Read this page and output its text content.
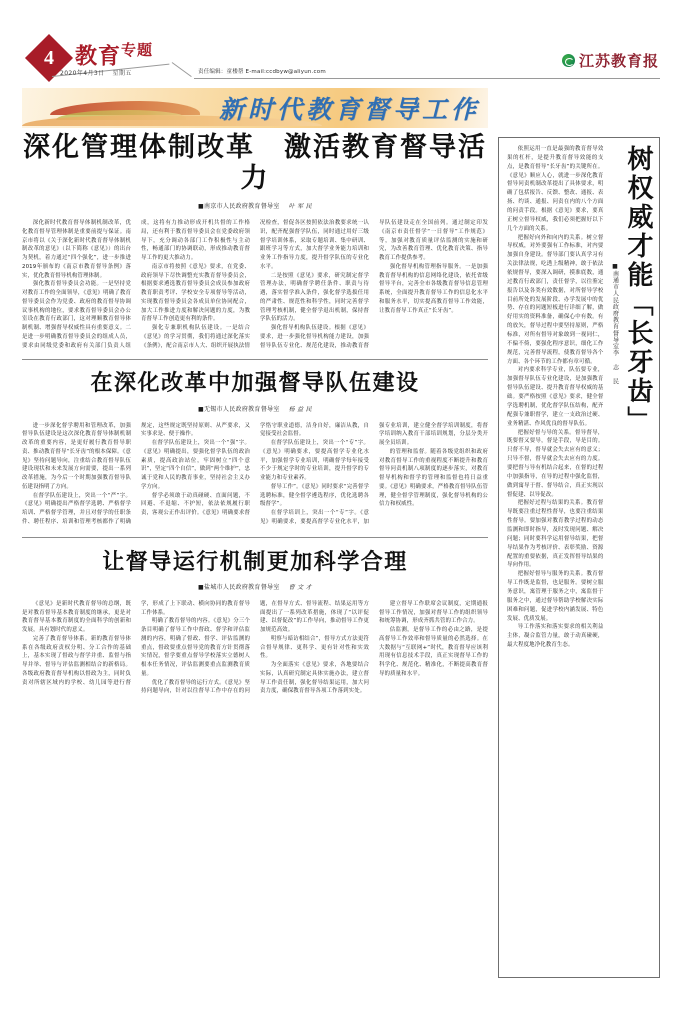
4 教育$^{专题}$
2020年4月3日 星期五	责任编辑：童楼帮 E-mail:ccdbyw@aliyun.com
江苏教育报
新时代教育督导工作
深化管理体制改革　激活教育督导活力
■南京市人民政府教育督导室 叶 军 民

深化新时代教育督导体制机制改革，优化教育督导管理体制是重要前提与保证。南京市将以《关于深化新时代教育督导体制机制改革的意见》（以下简称《意见》）的出台为契机，着力通过“四个强化”，进一步推进2019年颁布的《南京市教育督导条例》落实，优化教育督导机构管理体制。

强化教育督导委员会功能。一是坚持党对教育工作的全面领导，《意见》明确了教育督导委员会作为党委、政府的教育督导协调议事机构的地位，要求教育督导委员会办公室设在教育行政部门，这对理顺教育督导体制机制、增强督导权威性具有重要意义。二是进一步明确教育督导委员会的组成人员，要求由同级党委和政府有关部门负责人组成，这将有力推动形成开机共督的工作格局，还有利于教育督导委员会在党委政府领导下，充分调动各部门工作积极性与主动性，畅通部门的协调联动，形成推动教育督导工作的更大推动力。

南京市将按照《意见》要求，在党委、政府领导下尽快调整充实教育督导委员会，根据要求遴选教育督导委员会成员参加政府教育职责考评、学校安全专项督导等活动，实现教育督导委员会各成员单位协同配合，加大工作推进力度和解决问题的力度，为教育督导工作创造更有利的条件。

强化专兼职机构队伍建设。一是结合《意见》的学习贯彻，我们将通过深化落实《条例》，配合南京市人大、组织开展执法情况检查，督促各区按照依法治教要求统一认识，配齐配强督学队伍，同时通过用好三级督学培训体系，采取专题培训、集中研训、跟班学习等方式，加大督学业务能力培训和业务工作指导力度，提升督学队伍的专业化水平。

二是按照《意见》要求，研究制定督学管理办法，明确督学聘任条件、职责与待遇，落实督学准入条件，强化督学选拔任用的严肃性、规范性和科学性，同时完善督学管理考核机制，健全督学退出机制，保持督学队伍的活力。

强化督导机构队伍建设。根据《意见》要求，进一步强化督导机构能力建设，加强督导队伍专业化、规范化建设，推动教育督导队伍建设走在全国前列。通过制定印发《南京市责任督学“一日督导”工作规范》等，加强对教育质量评估监测的实施和研究，为改善教育管理、优化教育决策、指导教育工作提供参考。

强化督导机构管理指导服务。一是加强教育督导机构的信息网络化建设，依托省级督导平台，完善全市各级教育督导信息管理系统，全面提升教育督导工作的信息化水平和服务水平，切实提高教育督导工作效能，让教育督导工作真正“长牙齿”。

在深化改革中加强督导队伍建设
■无锡市人民政府教育督导室 杨 益 民

进一步深化督学聘用和管理改革，加强督导队伍建设是这次深化教育督导体制机制改革的重要内容，是更好履行教育督导职责、推动教育督导“长牙齿”的根本保障。《意见》坚持问题导向，注重结合教育督导队伍建设现状和未来发展方向需要，提出一系列改革措施，为今后一个时期加强教育督导队伍建设指明了方向。

在督学队伍建设上，突出一个“严”字。《意见》明确提出严格督学选聘、严格督学培训、严格督学管理，并且对督学的任职条件、聘任程序、培训和管理考核都作了明确规定，这些规定既坚持原则、从严要求，又实事求是、便于操作。

在督学队伍建设上，突出一个“强”字。《意见》明确提出，要强化督学队伍的政治素质，提高政治站位，牢固树立“四个意识”，坚定“四个自信”，做到“两个维护”，忠诚于党和人民的教育事业，坚持社会主义办学方向。

督学必须敢于动真碰硬、直面问题，不回避、不退缩、不护短，依法依规履行职责，客观公正作出评价。《意见》明确要求督学恪守职业道德，洁身自好，廉洁从教，自觉接受社会监督。

在督学队伍建设上，突出一个“专”字。《意见》明确要求，要提高督学专业化水平，加强督学专业培训，明确督学每年接受不少于规定学时的专业培训，提升督学的专业能力和专业素养。

督导工作”。《意见》同时要求“完善督学选聘标准，健全督学遴选程序，优化选聘各级督学”。

在督学培训上，突出一个“专”字。《意见》明确要求，要提高督学专业化水平，加强专业培训，建立健全督学培训制度，将督学培训纳入教育干部培训规划，分层分类开展全员培训。

的管理和监督。随着各级党组织和政府对教育督导工作的重视程度不断提升和教育督导问责机制八项制度的逐步落实，对教育督导机构和督学的管理和监督也将日益重要。《意见》明确要求，严格教育督导队伍管理，健全督学管理制度，强化督导机构的公信力和权威性。

让督导运行机制更加科学合理
■盐城市人民政府教育督导室 曹 文 才

《意见》是新时代教育督导的总纲，既是对教育督导基本教育制度的继承，更是对教育督导基本教育制度的全面科学的创新和发展，具有划时代的意义。

完善了教育督导体系。新的教育督导体系在各级政府责权分明、分工合作的基础上，基本实现了督政与督学并重、监督与指导并举、督导与评估监测相结合的新格局。各级政府教育督导机构以督政为主，同时负责对所辖区域内的学校、幼儿园等进行督学，形成了上下联动、横向协同的教育督导工作体系。

明确了教育督导的内容。《意见》分三个条目明确了督导工作中督政、督学和评估监测的内容，明确了督政、督学、评估监测的重点，督政要重点督导党的教育方针贯彻落实情况，督学要重点督导学校落实立德树人根本任务情况，评估监测要重点监测教育质量。

优化了教育督导的运行方式。《意见》坚持问题导向，针对以往督导工作中存在的问题，在督导方式、督导流程、结果运用等方面提出了一系列改革措施，体现了“以评促建、以督促改”的工作导向，推动督导工作更加规范高效。

明察与暗访相结合”，督导方式方法更符合督导规律、更科学、更有针对性和实效性。

为全面落实《意见》要求，各地要结合实际，认真研究制定具体实施办法，建立督导工作责任制，强化督导结果运用，加大问责力度，确保教育督导各项工作落到实处。

建立督导工作联席会议制度，定期通报督导工作情况，加强对督导工作的组织领导和统筹协调，形成齐抓共管的工作合力。

估监测，是督导工作的必由之路，是提高督导工作效率和督导质量的必然选择。在大数据与“互联网+”时代，教育督导应该利用现有信息技术手段，真正实现督导工作的科学化、规范化、精准化，不断提高教育督导的质量和水平。

树权威才能「长牙齿」
■南通市人民政府教育督导室李 志 民

依照运用一直是最强的教育督导效果的杠杆，是提升教育督导效能的支点，是教育督导“长牙齿”的关键所在。《意见》顺应人心，就进一步深化教育督导问责机制改革提出了具体要求，明确了包括报告、反馈、整改、通报、表扬、约谈、通报、问责在内的八个方面的问责手段。根据《意见》要求，要真正树立督导权威，我们必须把握好以下几个方面的关系。

把握好向外和向内的关系。树立督导权威，对外要强有工作标准，对内要加强自身建设。督导部门要认真学习有关法律法规，吃透上级精神，敢于依法依规督导，要深入调研，摸准底数，通过教育行政部门，责任督学，以往鉴定报告以及各类有效数据，对所督导学校目前所处的发展阶段、办学发展中的优势、存在的问题短板进行详细了解，做好用实的资料准备，确保心中有数。有的放矢，督导过程中要坚持原则，严格标准，对所有督导对象敢到一视同仁，不偏不倚，要强化程序意识，细化工作规范，完善督导流程，使教育督导各个方面、各个环节的工作都有章可循。

对内要求科学专业，队伍要专业，加强督导队伍专业化建设，是加强教育督导队伍建设、提升教育督导权威的基础。要严格按照《意见》要求，健全督学选聘机制，优化督学队伍结构，配齐配强专兼职督学，建立一支政治过硬、业务精湛、作风优良的督导队伍。

把握好督与导的关系。督导督导，既要督又要导，督是手段，导是目的。只督不导，督导就会失去应有的意义；只导不督，督导就会失去应有的力度。要把督与导有机结合起来，在督的过程中加强指导，在导的过程中强化监督，做到寓导于督、督导结合，真正实现以督促建、以导促改。

把握好过程与结果的关系。教育督导既要注重过程性督导，也要注重结果性督导。要加强对教育教学过程的动态监测和即时指导，及时发现问题、解决问题；同时要科学运用督导结果，把督导结果作为考核评价、表彰奖励、资源配置的重要依据，真正发挥督导结果的导向作用。

把握好督导与服务的关系。教育督导工作既是监督，也是服务。要树立服务意识，寓管理于服务之中，寓监督于服务之中，通过督导帮助学校解决实际困难和问题，促进学校内涵发展、特色发展、优质发展。

导工作落实和落实要求的相关利益主体，凝合监管力量，敢于动真碰硬，最大程度地净化教育生态。
